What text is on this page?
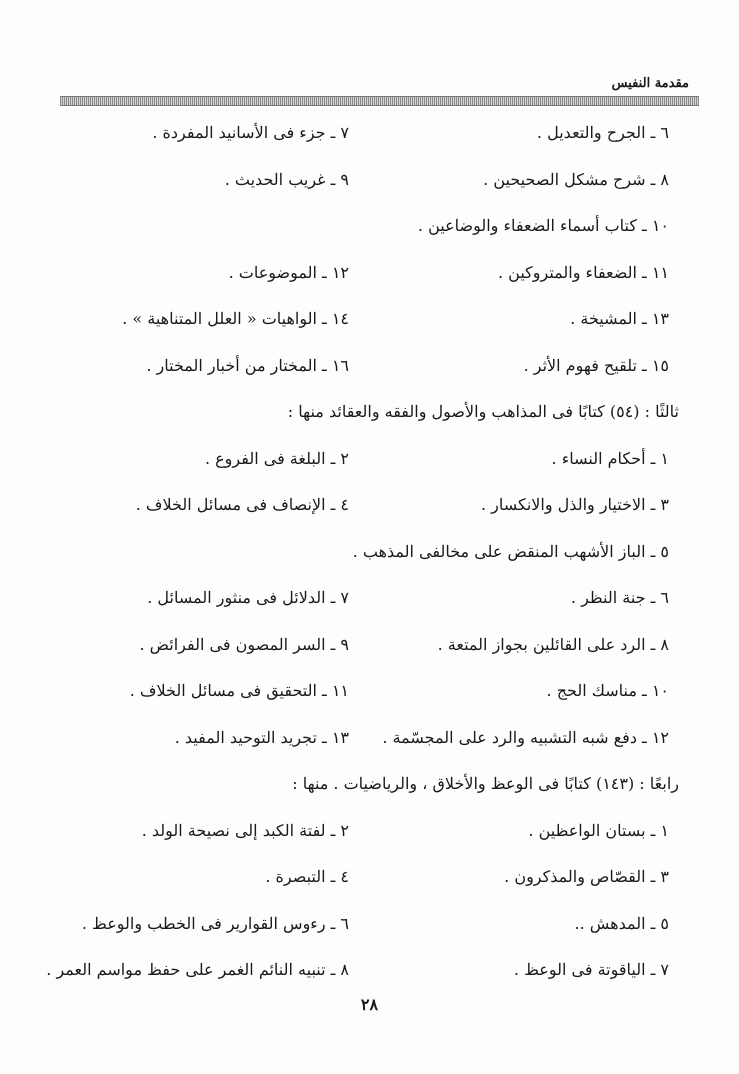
مقدمة النفيس
٦ ـ الجرح والتعديل .
٧ ـ جزء فى الأسانيد المفردة .
٨ ـ شرح مشكل الصحيحين .
٩ ـ غريب الحديث .
١٠ ـ كتاب أسماء الضعفاء والوضاعين .
١١ ـ الضعفاء والمتروكين .
١٢ ـ الموضوعات .
١٣ ـ المشيخة .
١٤ ـ الواهيات « العلل المتناهية » .
١٥ ـ تلقيح فهوم الأثر .
١٦ ـ المختار من أخبار المختار .
ثالثًا : (٥٤) كتابًا فى المذاهب والأصول والفقه والعقائد منها :
١ ـ أحكام النساء .
٢ ـ البلغة فى الفروع .
٣ ـ الاختيار والذل والانكسار .
٤ ـ الإنصاف فى مسائل الخلاف .
٥ ـ الباز الأشهب المنقض على مخالفى المذهب .
٦ ـ جنة النظر .
٧ ـ الدلائل فى منثور المسائل .
٨ ـ الرد على القائلين بجواز المتعة .
٩ ـ السر المصون فى الفرائض .
١٠ ـ مناسك الحج .
١١ ـ التحقيق فى مسائل الخلاف .
١٢ ـ دفع شبه التشبيه والرد على المجسّمة .
١٣ ـ تجريد التوحيد المفيد .
رابعًا : (١٤٣) كتابًا فى الوعظ والأخلاق ، والرياضيات . منها :
١ ـ بستان الواعظين .
٢ ـ لفتة الكبد إلى نصيحة الولد .
٣ ـ القصّاص والمذكرون .
٤ ـ التبصرة .
٥ ـ المدهش ..
٦ ـ رءوس القوارير فى الخطب والوعظ .
٧ ـ الياقوتة فى الوعظ .
٨ ـ تنبيه النائم الغمر على حفظ مواسم العمر .
٢٨
